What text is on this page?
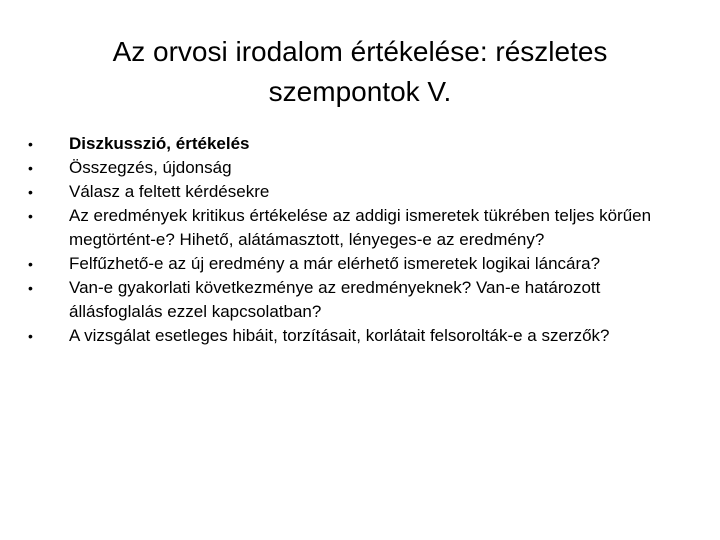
Az orvosi irodalom értékelése: részletes szempontok V.
•	Diszkusszió, értékelés
•	Összegzés, újdonság
•	Válasz a feltett kérdésekre
•	Az eredmények kritikus értékelése az addigi ismeretek tükrében teljes körűen megtörtént-e? Hihető, alátámasztott, lényeges-e az eredmény?
•	Felfűzhető-e az új eredmény a már elérhető ismeretek logikai láncára?
•	Van-e gyakorlati következménye az eredményeknek? Van-e határozott állásfoglalás ezzel kapcsolatban?
•	A vizsgálat esetleges hibáit, torzításait, korlátait felsorolták-e a szerzők?
